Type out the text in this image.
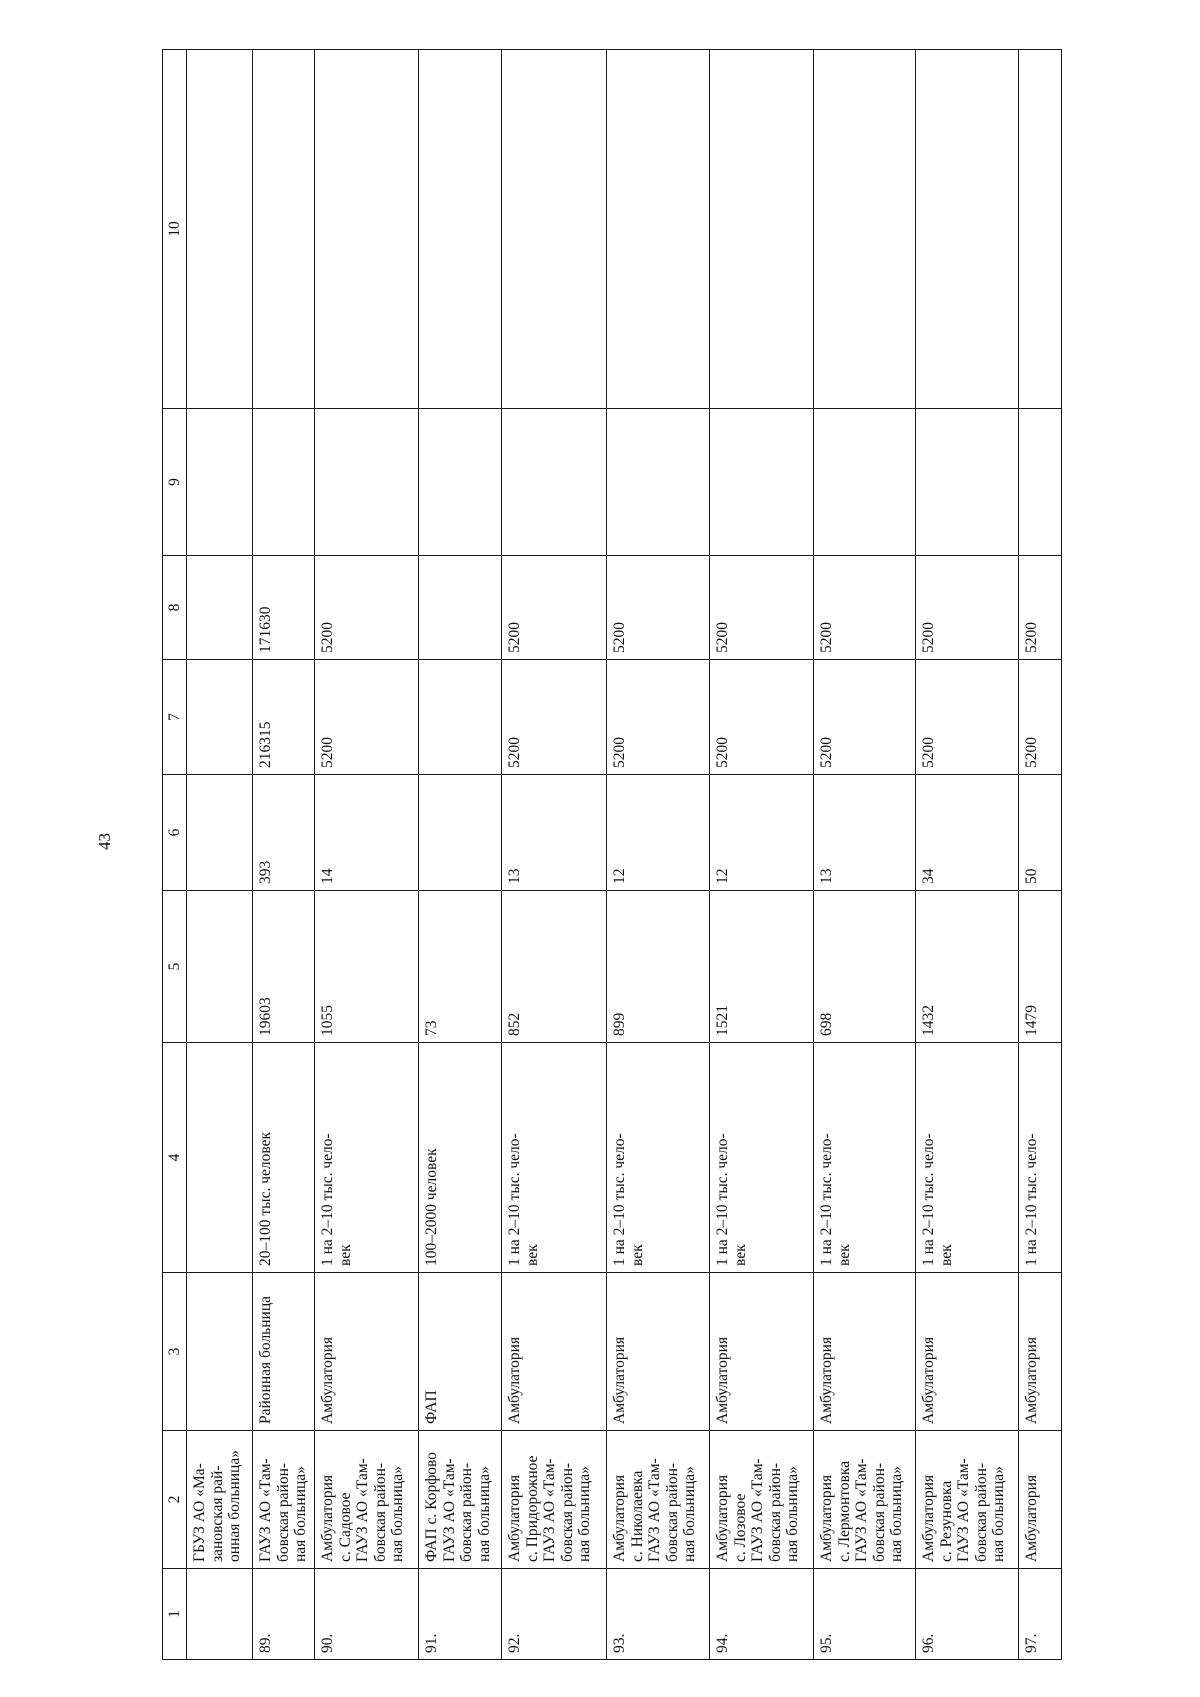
43
1	2	3	4	5	6	7	8	9	10
	ГБУЗ АО «Ма-
зановская рай-
онная больница»								
89.	ГАУЗ АО «Там-
бовская район-
ная больница»	Районная больница	20–100 тыс. человек	19603	393	216315	171630		
90.	Амбулатория
с. Садовое
ГАУЗ АО «Там-
бовская район-
ная больница»	Амбулатория	1 на 2–10 тыс. чело-
век	1055	14	5200	5200		
91.	ФАП с. Корфово
ГАУЗ АО «Там-
бовская район-
ная больница»	ФАП	100–2000 человек	73					
92.	Амбулатория
с. Придорожное
ГАУЗ АО «Там-
бовская район-
ная больница»	Амбулатория	1 на 2–10 тыс. чело-
век	852	13	5200	5200		
93.	Амбулатория
с. Николаевка
ГАУЗ АО «Там-
бовская район-
ная больница»	Амбулатория	1 на 2–10 тыс. чело-
век	899	12	5200	5200		
94.	Амбулатория
с. Лозовое
ГАУЗ АО «Там-
бовская район-
ная больница»	Амбулатория	1 на 2–10 тыс. чело-
век	1521	12	5200	5200		
95.	Амбулатория
с. Лермонтовка
ГАУЗ АО «Там-
бовская район-
ная больница»	Амбулатория	1 на 2–10 тыс. чело-
век	698	13	5200	5200		
96.	Амбулатория
с. Резуновка
ГАУЗ АО «Там-
бовская район-
ная больница»	Амбулатория	1 на 2–10 тыс. чело-
век	1432	34	5200	5200		
97.	Амбулатория	Амбулатория	1 на 2–10 тыс. чело-	1479	50	5200	5200		
